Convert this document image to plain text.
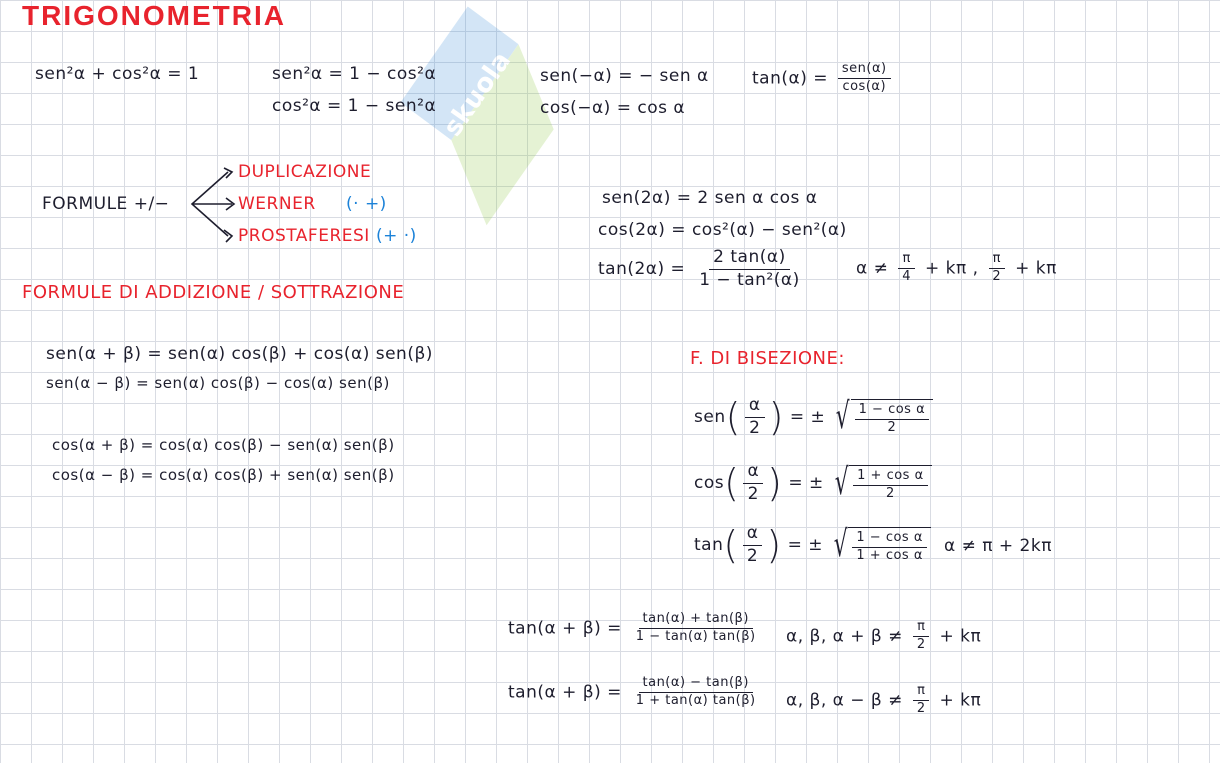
skuola
TRIGONOMETRIA
sen²α + cos²α = 1	sen²α = 1 − cos²α
cos²α = 1 − sen²α
sen(−α) = − sen α
cos(−α) = cos α
$\tan(\alpha) = \frac{\text{sen(α)}}{\cos(\alpha)}$
FORMULE +/−
DUPLICAZIONE
WERNER (· +)
PROSTAFERESI (+ ·)
sen(2α) = 2 sen α cos α
cos(2α) = cos²(α) − sen²(α)
$\tan(2\alpha) = \frac{2 \tan(\alpha)}{\text{1 − tan²(α)}}$	$\alpha \ne \frac{\pi}{4} + k\pi$ , $\frac{\pi}{2} + k\pi$
FORMULE DI ADDIZIONE / SOTTRAZIONE
sen(α + β) = sen(α) cos(β) + cos(α) sen(β)
sen(α − β) = sen(α) cos(β) − cos(α) sen(β)
cos(α + β) = cos(α) cos(β) − sen(α) sen(β)
cos(α − β) = cos(α) cos(β) + sen(α) sen(β)
F. DI BISEZIONE:
$sen( \frac{\alpha}{2}$ ) = ± √ $\frac{\text{1 − cos α}}{2}$
$\cos( \frac{\alpha}{2}$ ) = ± √ $\frac{\text{1 + cos α}}{2}$
$\tan( \frac{\alpha}{2}$ ) = ± √ $\frac{\text{1 − cos α}}{\text{1 + cos α}}$ α ≠ π + 2kπ
$\tan(\alpha + \beta) = \frac{\tan(\alpha) + \tan(\beta)}{1 - \tan(\alpha) \tan(\beta)} \alpha$, β, $\alpha + \beta \ne \frac{\pi}{2} + k\pi$
$\tan(\alpha + \beta) = \frac{\tan(\alpha) - \tan(\beta)}{1 + \tan(\alpha) \tan(\beta)} \alpha$, β, $\alpha - \beta \ne \frac{\pi}{2} + k\pi$
